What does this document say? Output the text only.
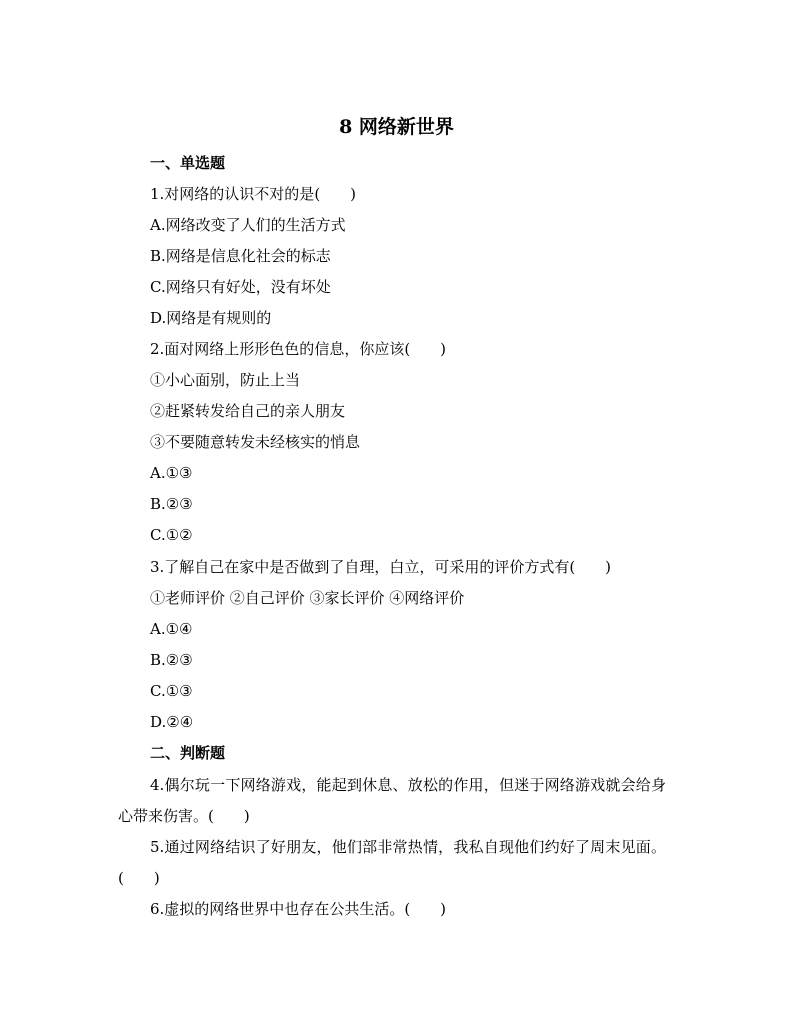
8 网络新世界
一、单选题
1.对网络的认识不对的是(　　)
A.网络改变了人们的生活方式
B.网络是信息化社会的标志
C.网络只有好处，没有坏处
D.网络是有规则的
2.面对网络上形形色色的信息，你应该(　　)
①小心面别，防止上当
②赶紧转发给自己的亲人朋友
③不要随意转发未经核实的悄息
A.①③
B.②③
C.①②
3.了解自己在家中是否做到了自理，白立，可采用的评价方式有(　　)
①老师评价 ②自己评价 ③家长评价 ④网络评价
A.①④
B.②③
C.①③
D.②④
二、判断题
4.偶尔玩一下网络游戏，能起到休息、放松的作用，但迷于网络游戏就会给身心带来伤害。(　　)
5.通过网络结识了好朋友，他们部非常热情，我私自现他们约好了周末见面。(　　)
6.虚拟的网络世界中也存在公共生活。(　　)
